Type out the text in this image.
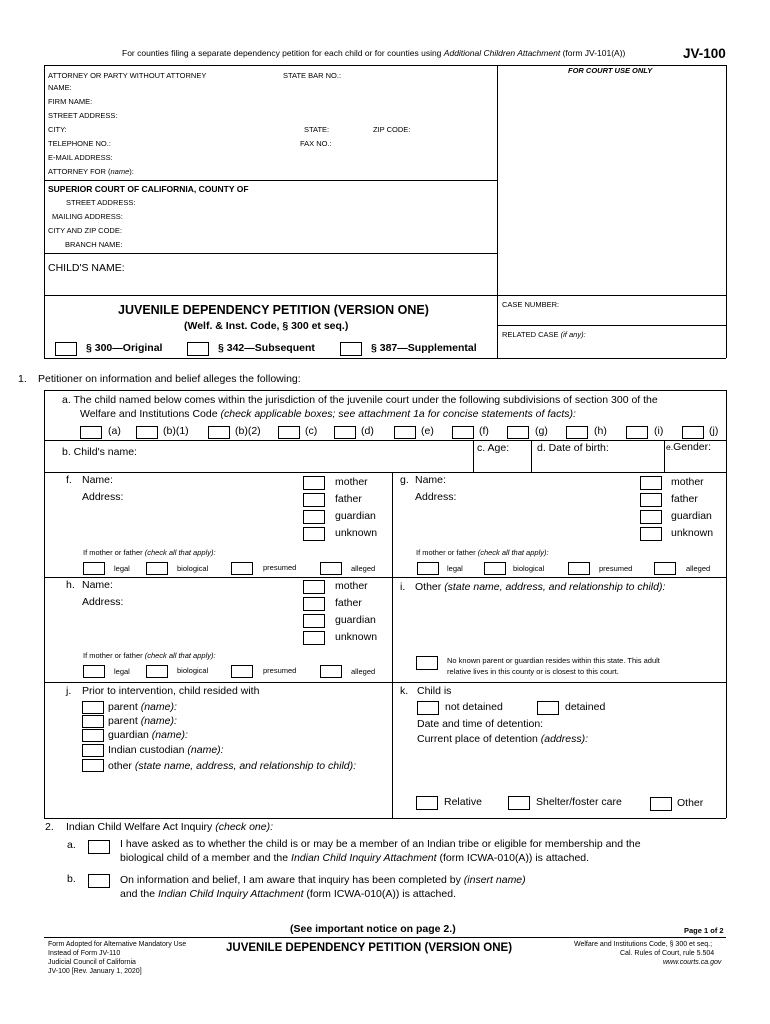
For counties filing a separate dependency petition for each child or for counties using Additional Children Attachment (form JV-101(A))	JV-100
FOR COURT USE ONLY
ATTORNEY OR PARTY WITHOUT ATTORNEY	STATE BAR NO.:
NAME:
FIRM NAME:
STREET ADDRESS:
CITY:	STATE:	ZIP CODE:
TELEPHONE NO.:	FAX NO.:
E-MAIL ADDRESS:
ATTORNEY FOR (name):
SUPERIOR COURT OF CALIFORNIA, COUNTY OF
STREET ADDRESS:
MAILING ADDRESS:
CITY AND ZIP CODE:
BRANCH NAME:
CHILD'S NAME:
JUVENILE DEPENDENCY PETITION (VERSION ONE)
(Welf. & Inst. Code, § 300 et seq.)
CASE NUMBER:
RELATED CASE (if any):
§ 300—Original	§ 342—Subsequent	§ 387—Supplemental
1. Petitioner on information and belief alleges the following:
a. The child named below comes within the jurisdiction of the juvenile court under the following subdivisions of section 300 of the
Welfare and Institutions Code (check applicable boxes; see attachment 1a for concise statements of facts):
(a)	(b)(1)	(b)(2)	(c)	(d)	(e)	(f)	(g)	(h)	(i)	(j)
b. Child's name:	c. Age:	d. Date of birth:	e.Gender:
f. Name:
Address:
mother
father
guardian
unknown
If mother or father (check all that apply):
legal	biological	presumed	alleged
g. Name:
Address:
mother
father
guardian
unknown
If mother or father (check all that apply):
legal	biological	presumed	alleged
h. Name:
Address:
mother
father
guardian
unknown
If mother or father (check all that apply):
legal	biological	presumed	alleged
i. Other (state name, address, and relationship to child):
No known parent or guardian resides within this state. This adult
relative lives in this county or is closest to this court.
j. Prior to intervention, child resided with
parent (name):
parent (name):
guardian (name):
Indian custodian (name):
other (state name, address, and relationship to child):
k. Child is
not detained	detained
Date and time of detention:
Current place of detention (address):
Relative	Shelter/foster care	Other
2. Indian Child Welfare Act Inquiry (check one):
a.	I have asked as to whether the child is or may be a member of an Indian tribe or eligible for membership and the
biological child of a member and the Indian Child Inquiry Attachment (form ICWA-010(A)) is attached.
b.	On information and belief, I am aware that inquiry has been completed by (insert name)
and the Indian Child Inquiry Attachment (form ICWA-010(A)) is attached.
(See important notice on page 2.)	Page 1 of 2
Form Adopted for Alternative Mandatory Use
Instead of Form JV-110
Judicial Council of California
JV-100 [Rev. January 1, 2020]
JUVENILE DEPENDENCY PETITION (VERSION ONE)	Welfare and Institutions Code, § 300 et seq.;
Cal. Rules of Court, rule 5.504
www.courts.ca.gov
